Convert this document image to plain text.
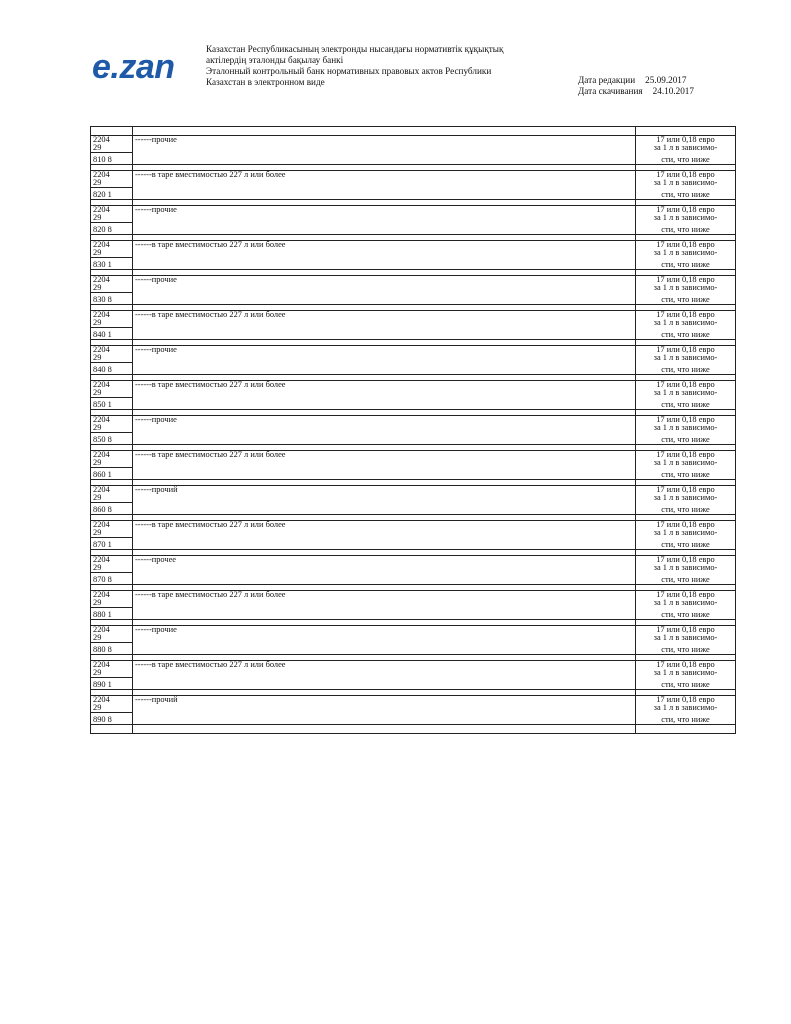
e.zan	Казахстан Республикасының электронды нысандағы нормативтік құқықтық
актілердің эталонды бақылау банкі
Эталонный контрольный банк нормативных правовых актов Республики
Казахстан в электронном виде	Дата редакции 25.09.2017
Дата скачивания 24.10.2017

2204	------прочие	17 или 0,18 евро
29		за 1 л в зависимо-
810 8		сти, что ниже

2204	------в таре вместимостью 227 л или более	17 или 0,18 евро
29		за 1 л в зависимо-
820 1		сти, что ниже

2204	------прочие	17 или 0,18 евро
29		за 1 л в зависимо-
820 8		сти, что ниже

2204	------в таре вместимостью 227 л или более	17 или 0,18 евро
29		за 1 л в зависимо-
830 1		сти, что ниже

2204	------прочие	17 или 0,18 евро
29		за 1 л в зависимо-
830 8		сти, что ниже

2204	------в таре вместимостью 227 л или более	17 или 0,18 евро
29		за 1 л в зависимо-
840 1		сти, что ниже

2204	------прочие	17 или 0,18 евро
29		за 1 л в зависимо-
840 8		сти, что ниже

2204	------в таре вместимостью 227 л или более	17 или 0,18 евро
29		за 1 л в зависимо-
850 1		сти, что ниже

2204	------прочие	17 или 0,18 евро
29		за 1 л в зависимо-
850 8		сти, что ниже

2204	------в таре вместимостью 227 л или более	17 или 0,18 евро
29		за 1 л в зависимо-
860 1		сти, что ниже

2204	------прочий	17 или 0,18 евро
29		за 1 л в зависимо-
860 8		сти, что ниже

2204	------в таре вместимостью 227 л или более	17 или 0,18 евро
29		за 1 л в зависимо-
870 1		сти, что ниже

2204	------прочее	17 или 0,18 евро
29		за 1 л в зависимо-
870 8		сти, что ниже

2204	------в таре вместимостью 227 л или более	17 или 0,18 евро
29		за 1 л в зависимо-
880 1		сти, что ниже

2204	------прочие	17 или 0,18 евро
29		за 1 л в зависимо-
880 8		сти, что ниже

2204	------в таре вместимостью 227 л или более	17 или 0,18 евро
29		за 1 л в зависимо-
890 1		сти, что ниже

2204	------прочий	17 или 0,18 евро
29		за 1 л в зависимо-
890 8		сти, что ниже
